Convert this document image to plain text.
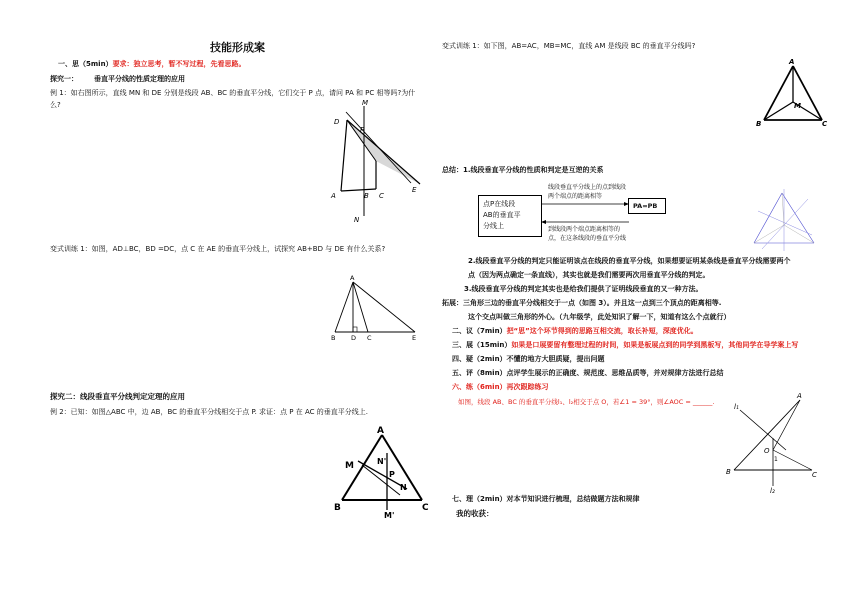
技能形成案
一、思（5min）要求：独立思考，暂不写过程，先看思路。
探究一： 垂直平分线的性质定理的应用
例 1：如右图所示，直线 MN 和 DE 分别是线段 AB、BC 的垂直平分线，它们交于 P 点，请问 PA 和 PC 相等吗?为什
么?	M
D
P
A	B C
E
N
变式训练 1：如图，AD⊥BC，BD =DC，点 C 在 AE 的垂直平分线上，试探究 AB+BD 与 DE 有什么关系?
A
B D C	E
探究二：线段垂直平分线判定定理的应用
例 2：已知：如图△ABC 中，边 AB，BC 的垂直平分线相交于点 P. 求证：点 P 在 AC 的垂直平分线上.
A
M	N'
P
N
B
M'
C
变式训练 1：如下图，AB=AC，MB=MC，直线 AM 是线段 BC 的垂直平分线吗?
A
M
B	C
总结：1.线段垂直平分线的性质和判定是互逆的关系
点P在线段
AB的垂直平
分线上
线段垂直平分线上的点到线段
两个端点的距离相等
PA=PB
到线段两个端点距离相等的
点，在这条线段的垂直平分线
2.线段垂直平分线的判定只能证明该点在线段的垂直平分线，如果想要证明某条线是垂直平分线需要两个
点（因为两点确定一条直线），其实也就是我们需要两次用垂直平分线的判定。
3.线段垂直平分线的判定其实也是给我们提供了证明线段垂直的又一种方法。
拓展：三角形三边的垂直平分线相交于一点（如图 3）。并且这一点到三个顶点的距离相等.
这个交点叫做三角形的外心。（九年级学，此处知识了解一下，知道有这么个点就行）
二、议（7min）把“思”这个环节得到的思路互相交流，取长补短，深度优化。
三、展（15min）如果是口展要留有整理过程的时间，如果是板展点到的同学到黑板写，其他同学在导学案上写
四、疑（2min）不懂的地方大胆质疑，提出问题
五、评（8min）点评学生展示的正确度、规范度、思维品质等，并对规律方法进行总结
六、练（6min）再次跟踪练习
如图，线段 AB、BC 的垂直平分线l₁、l₂相交于点 O，若∠1 = 39°，则∠AOC = ______.
l₁
A
O
1
B	C
l₂
七、理（2min）对本节知识进行梳理，总结做题方法和规律
我的收获：
